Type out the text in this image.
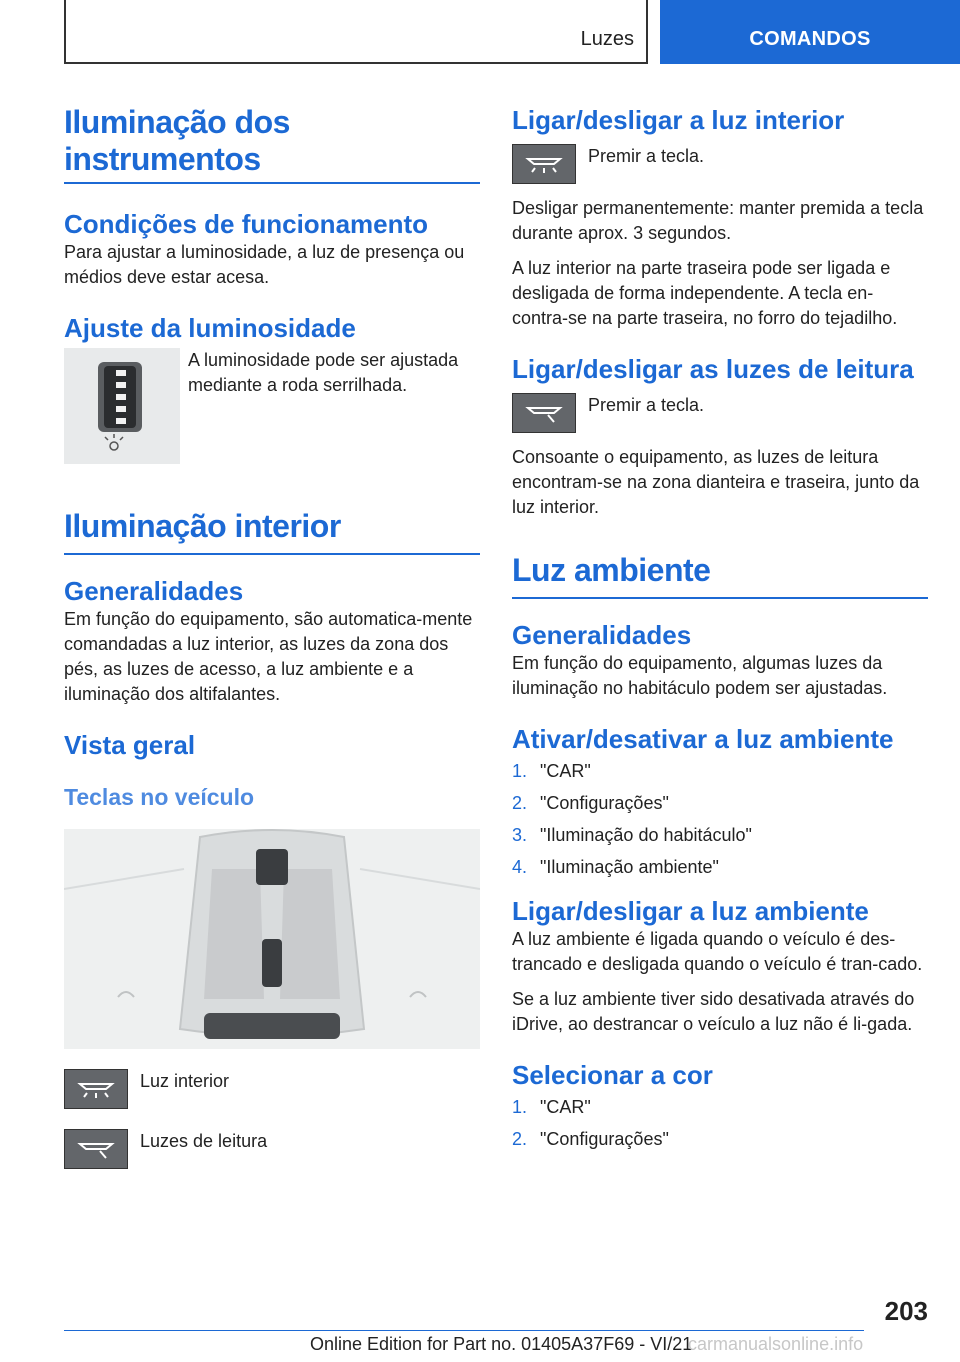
Luzes	COMANDOS
Iluminação dos
instrumentos
Condições de funcionamento

Para ajustar a luminosidade, a luz de presença ou médios deve estar acesa.

Ajuste da luminosidade

A luminosidade pode ser ajustada mediante a roda serrilhada.

Iluminação interior
Generalidades

Em função do equipamento, são automatica‐mente comandadas a luz interior, as luzes da zona dos pés, as luzes de acesso, a luz ambiente e a iluminação dos altifalantes.

Vista geral
Teclas no veículo

Luz interior

Luzes de leitura

Ligar/desligar a luz interior

Premir a tecla.

Desligar permanentemente: manter premida a tecla durante aprox. 3 segundos.

A luz interior na parte traseira pode ser ligada e desligada de forma independente. A tecla en‐contra-se na parte traseira, no forro do tejadilho.

Ligar/desligar as luzes de leitura

Premir a tecla.

Consoante o equipamento, as luzes de leitura encontram-se na zona dianteira e traseira, junto da luz interior.

Luz ambiente
Generalidades

Em função do equipamento, algumas luzes da iluminação no habitáculo podem ser ajustadas.

Ativar/desativar a luz ambiente
1. "CAR"
2. "Configurações"
3. "Iluminação do habitáculo"
4. "Iluminação ambiente"
Ligar/desligar a luz ambiente

A luz ambiente é ligada quando o veículo é des‐trancado e desligada quando o veículo é tran‐cado.

Se a luz ambiente tiver sido desativada através do iDrive, ao destrancar o veículo a luz não é li‐gada.

Selecionar a cor
1. "CAR"
2. "Configurações"
203
Online Edition for Part no. 01405A37F69 - VI/21
carmanualsonline.info
